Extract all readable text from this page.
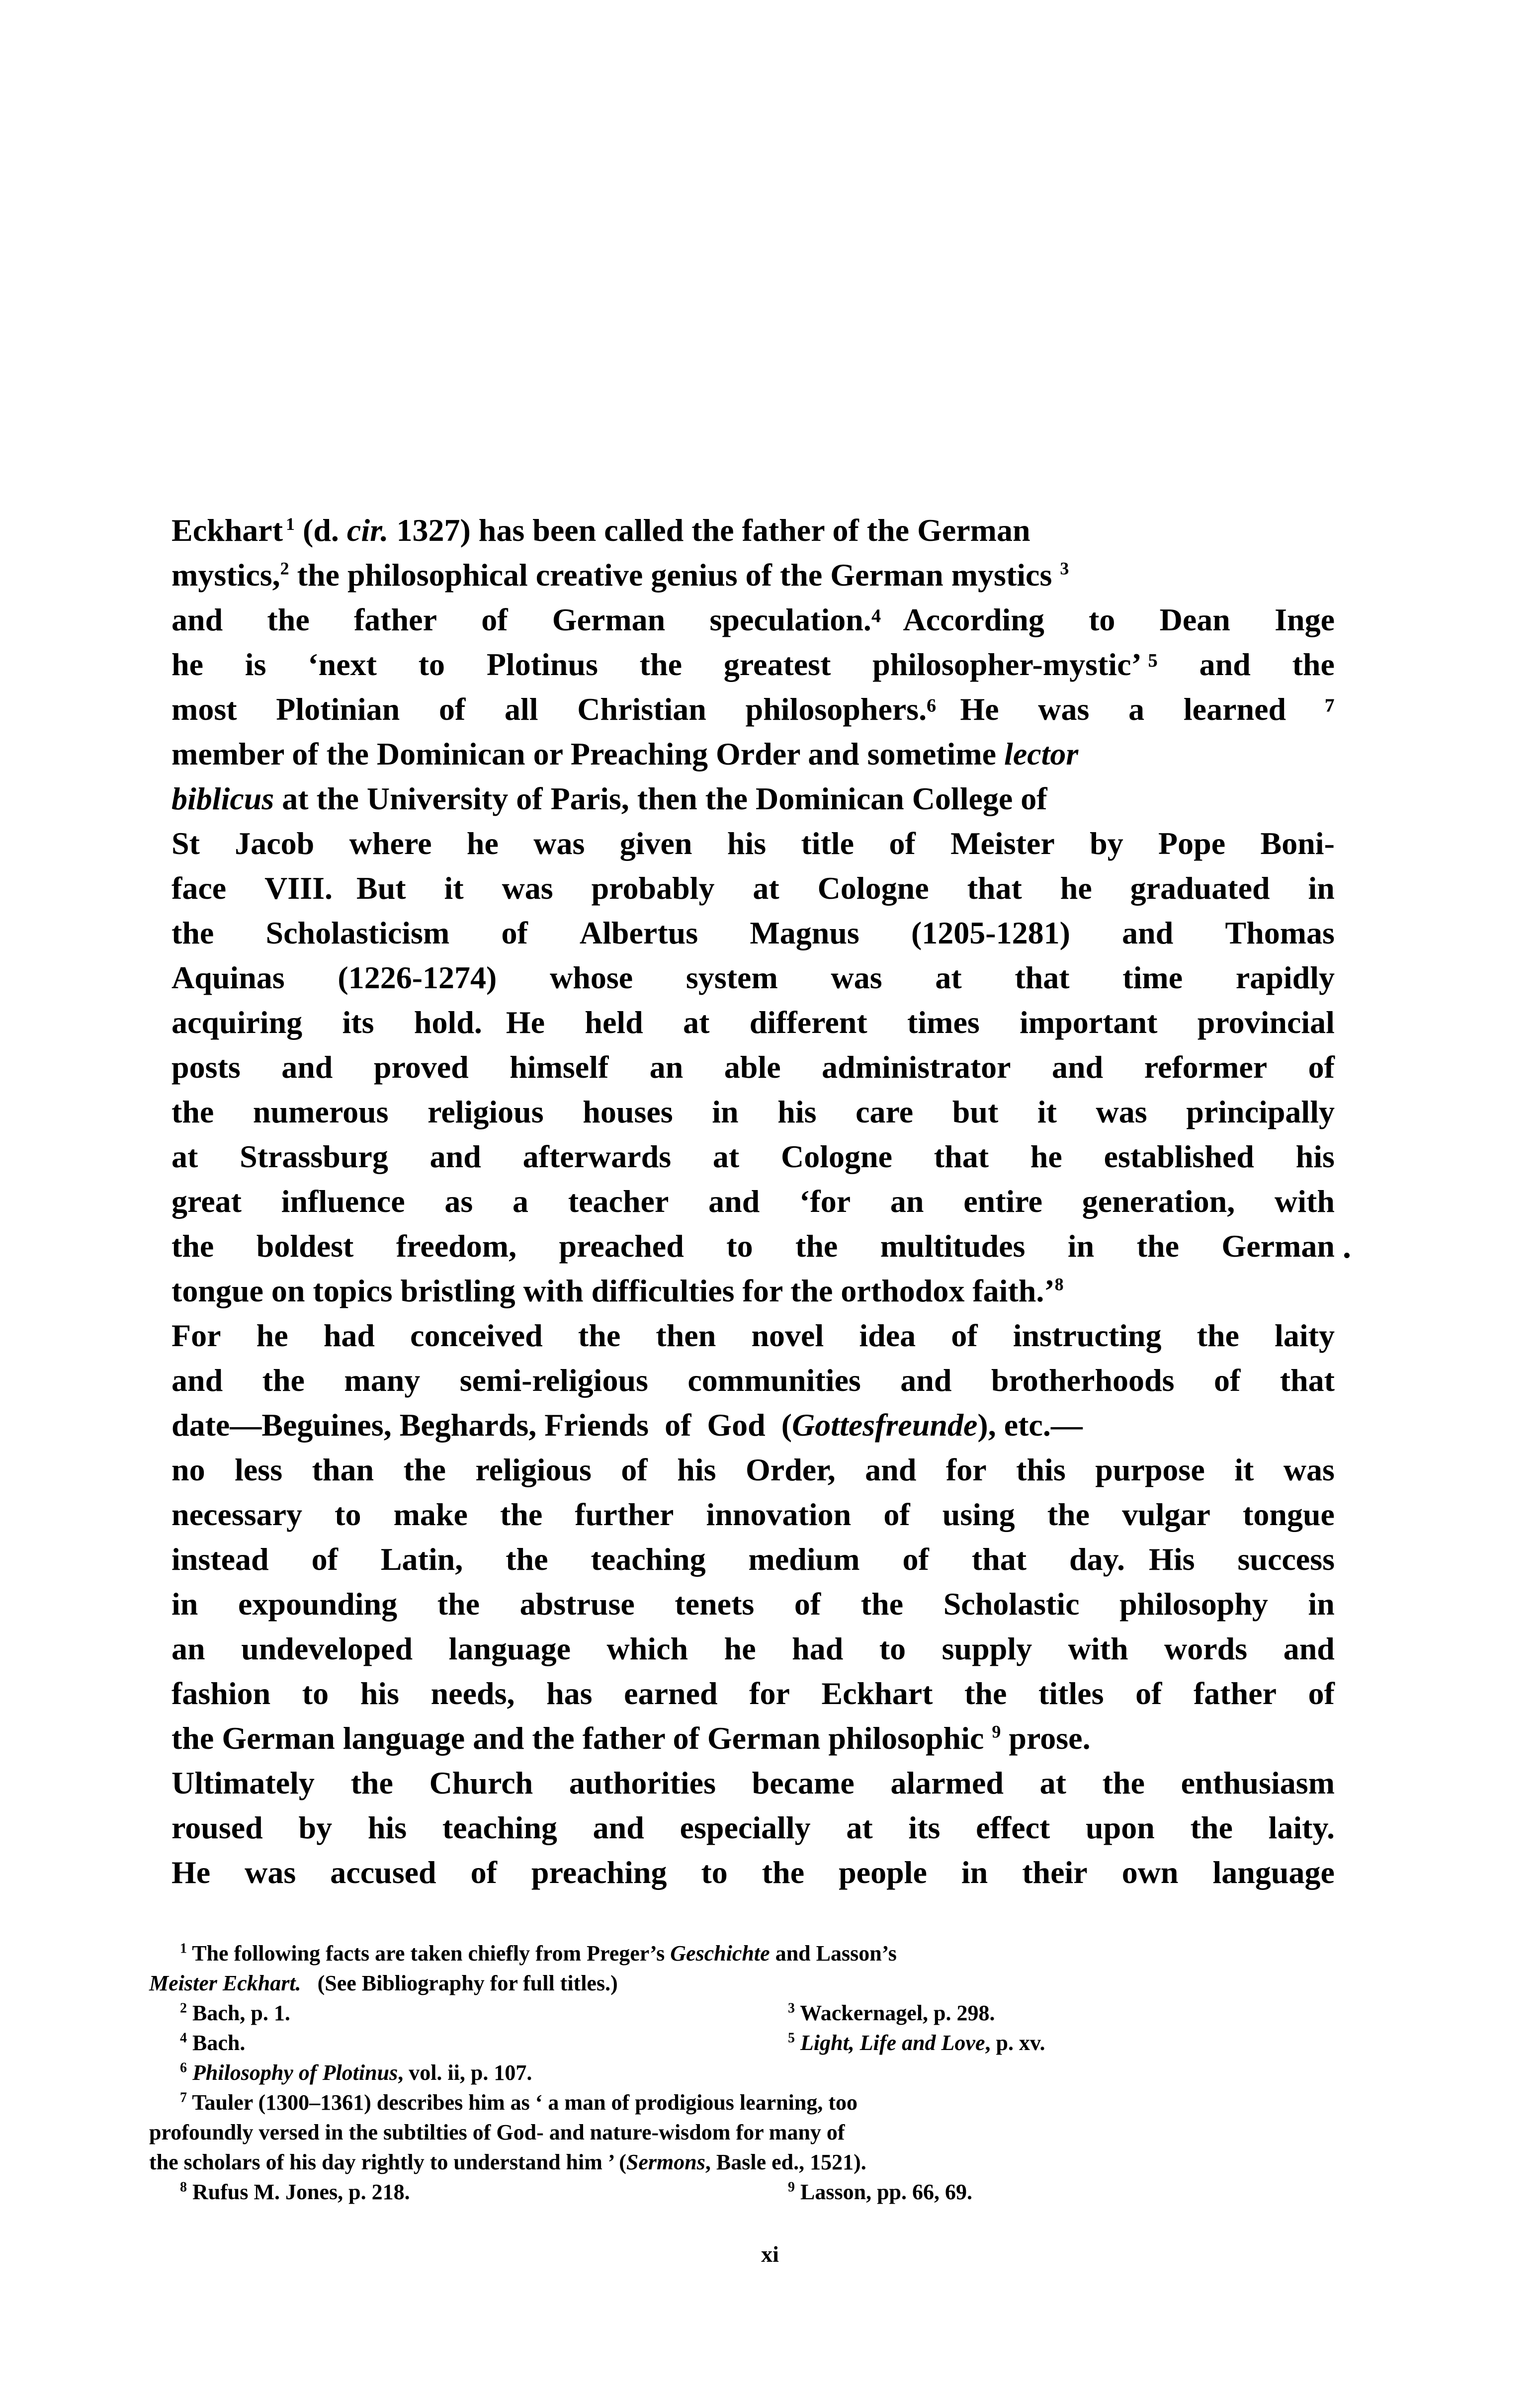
Eckhart $^1$ (d. cir. 1327) has been called the father of the German
mystics,$^2$ the philosophical creative genius of the German mystics $^3$
and the father of German speculation.⁴   According to Dean Inge
he is ‘next to Plotinus the greatest philosopher-mystic’ ⁵ and the
most Plotinian of all Christian philosophers.⁶   He was a learned ⁷
member of the Dominican or Preaching Order and sometime lector
biblicus at the University of Paris, then the Dominican College of
St Jacob where he was given his title of Meister by Pope Boni-
face VIII.   But it was probably at Cologne that he graduated in
the Scholasticism of Albertus Magnus (1205‑1281) and Thomas
Aquinas (1226‑1274) whose system was at that time rapidly
acquiring its hold.   He held at different times important provincial
posts and proved himself an able administrator and reformer of
the numerous religious houses in his care but it was principally
at Strassburg and afterwards at Cologne that he established his
great influence as a teacher and ‘for an entire generation, with
the boldest freedom, preached to the multitudes in the German
tongue on topics bristling with difficulties for the orthodox faith.’$^8$
For he had conceived the then novel idea of instructing the laity
and the many semi-religious communities and brotherhoods of that
date—Beguines, Beghards, Friends  of  God  (Gottesfreunde), etc.—
no less than the religious of his Order, and for this purpose it was
necessary to make the further innovation of using the vulgar tongue
instead of Latin, the teaching medium of that day.   His success
in expounding the abstruse tenets of the Scholastic philosophy in
an undeveloped language which he had to supply with words and
fashion to his needs, has earned for Eckhart the titles of father of
the German language and the father of German philosophic $^9$ prose.
Ultimately the Church authorities became alarmed at the enthusiasm
roused by his teaching and especially at its effect upon the laity.
He was accused of preaching to the people in their own language
$^1$ The following facts are taken chiefly from Preger’s Geschichte and Lasson’s
Meister Eckhart.   (See Bibliography for full titles.)
$^2$ Bach, p. 1.	$^3$ Wackernagel, p. 298.
$^4$ Bach.	$^5$ Light, Life and Love, p. xv.
$^6$ Philosophy of Plotinus, vol. ii, p. 107.
$^7$ Tauler (1300–1361) describes him as ‘ a man of prodigious learning, too
profoundly versed in the subtilties of God- and nature-wisdom for many of
the scholars of his day rightly to understand him ’ (Sermons, Basle ed., 1521).
$^8$ Rufus M. Jones, p. 218.	$^9$ Lasson, pp. 66, 69.
xi
